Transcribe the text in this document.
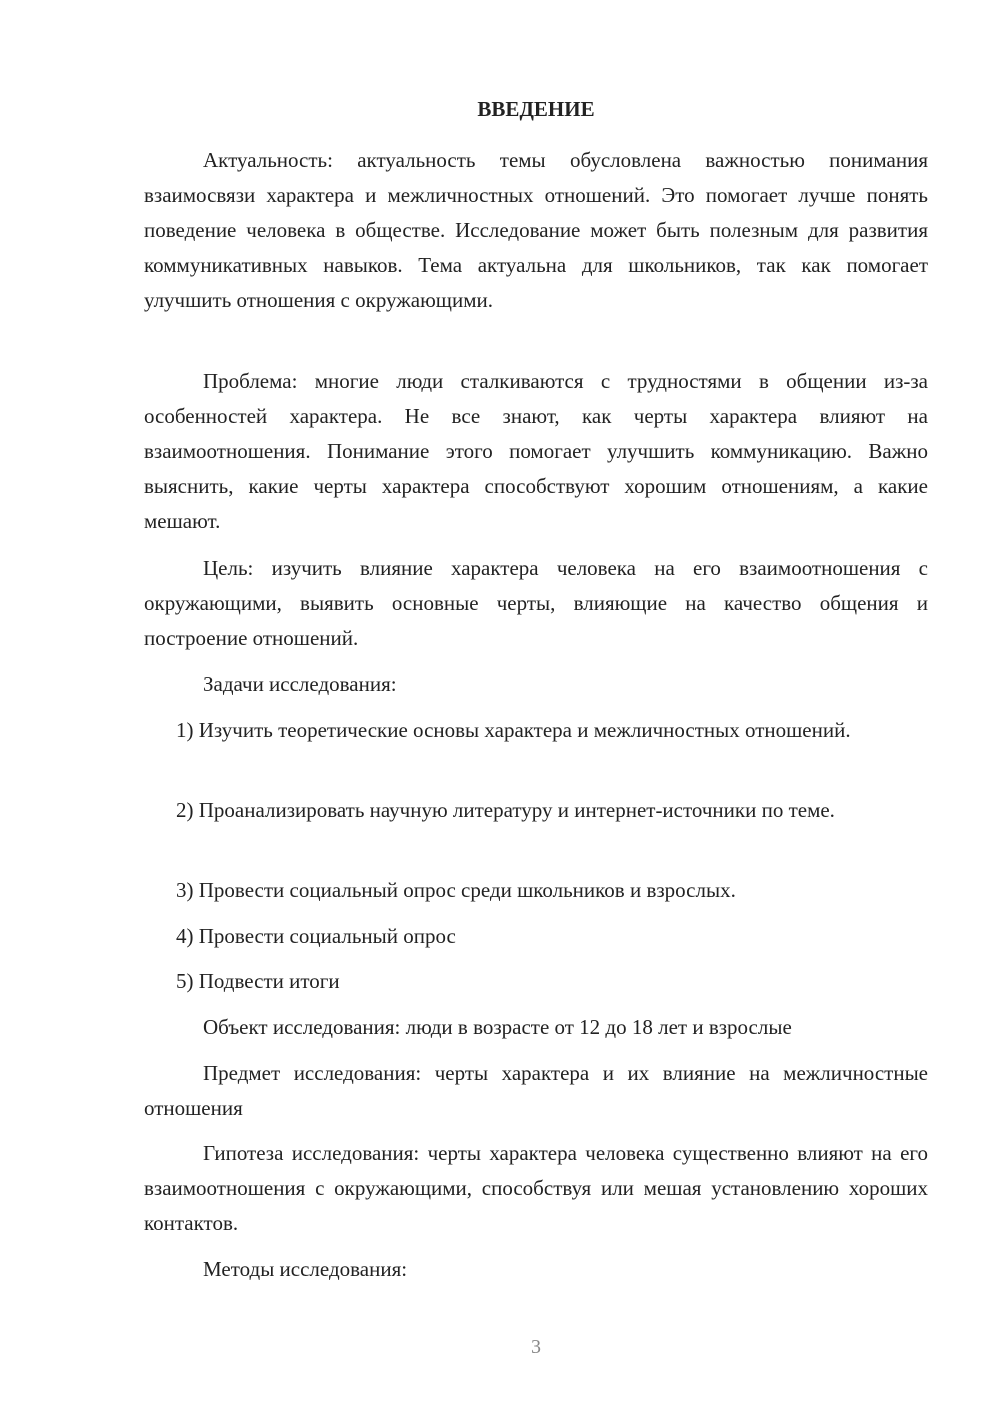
ВВЕДЕНИЕ

Актуальность: актуальность темы обусловлена важностью понимания взаимосвязи характера и межличностных отношений. Это помогает лучше понять поведение человека в обществе. Исследование может быть полезным для развития коммуникативных навыков. Тема актуальна для школьников, так как помогает улучшить отношения с окружающими.

Проблема: многие люди сталкиваются с трудностями в общении из-за особенностей характера. Не все знают, как черты характера влияют на взаимоотношения. Понимание этого помогает улучшить коммуникацию. Важно выяснить, какие черты характера способствуют хорошим отношениям, а какие мешают.

Цель: изучить влияние характера человека на его взаимоотношения с окружающими, выявить основные черты, влияющие на качество общения и построение отношений.

Задачи исследования:

1) Изучить теоретические основы характера и межличностных отношений.

2) Проанализировать научную литературу и интернет-источники по теме.

3) Провести социальный опрос среди школьников и взрослых.

4) Провести социальный опрос

5) Подвести итоги

Объект исследования: люди в возрасте от 12 до 18 лет и взрослые

Предмет исследования: черты характера и их влияние на межличностные отношения

Гипотеза исследования: черты характера человека существенно влияют на его взаимоотношения с окружающими, способствуя или мешая установлению хороших контактов.

Методы исследования:

3
